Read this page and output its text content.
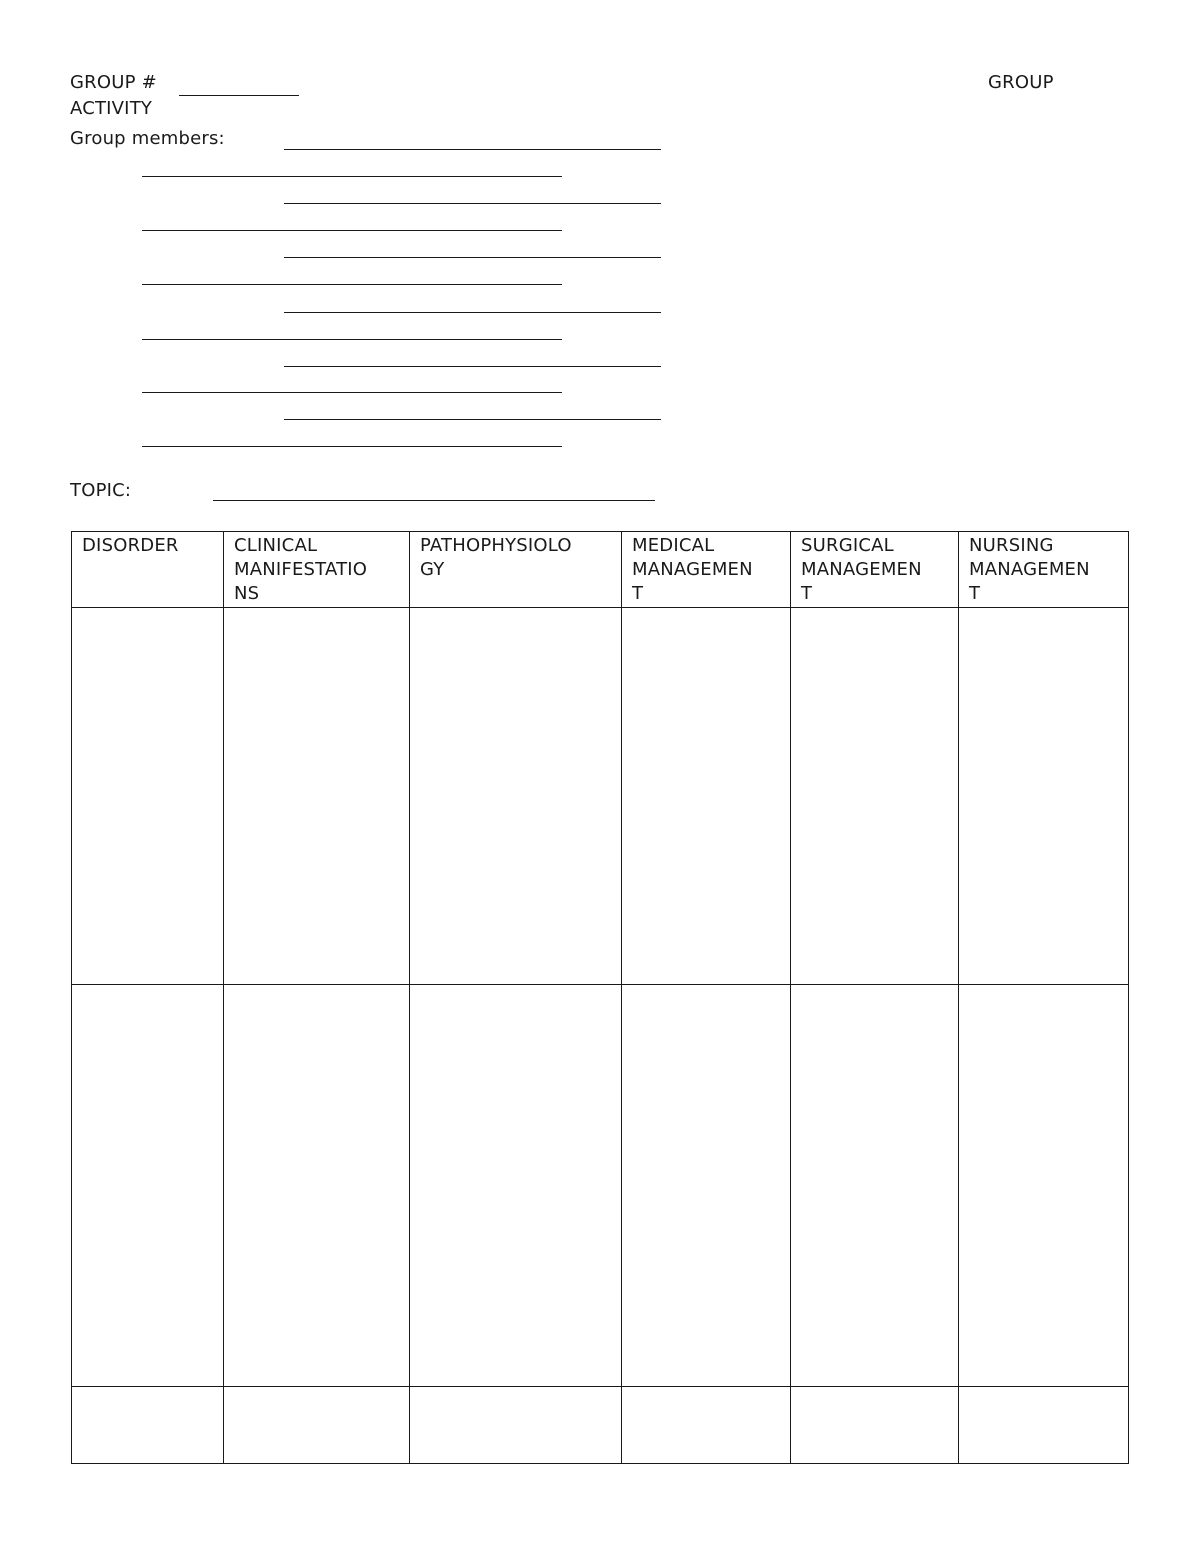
GROUP #	GROUP
ACTIVITY
Group members:
TOPIC:
DISORDER	CLINICAL
MANIFESTATIO
NS
PATHOPHYSIOLO
GY
MEDICAL
MANAGEMEN
T
SURGICAL
MANAGEMEN
T
NURSING
MANAGEMEN
T
